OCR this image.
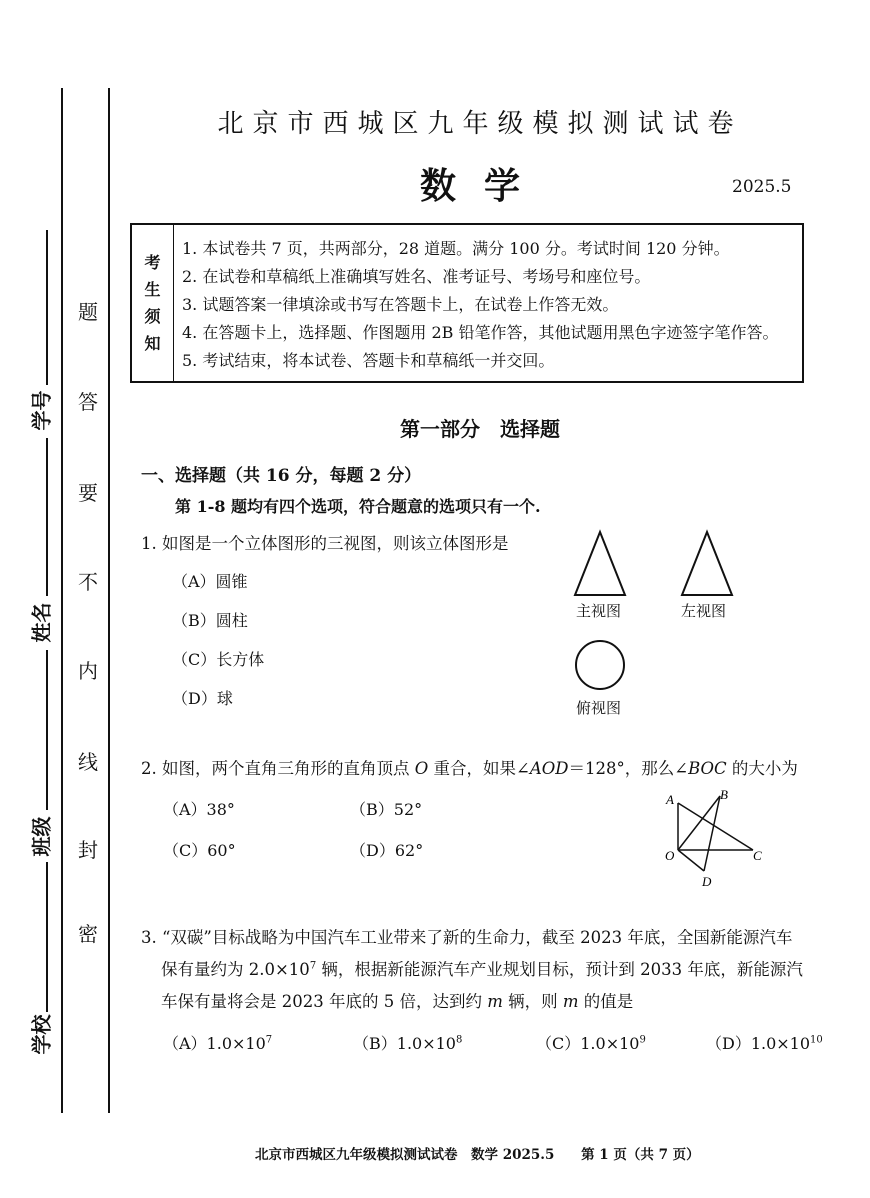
学号
姓名
班级
学校
题
答
要
不
内
线
封
密
北京市西城区九年级模拟测试试卷
数学	2025.5
考
生
须
知
1. 本试卷共 7 页，共两部分，28 道题。满分 100 分。考试时间 120 分钟。
2. 在试卷和草稿纸上准确填写姓名、准考证号、考场号和座位号。
3. 试题答案一律填涂或书写在答题卡上，在试卷上作答无效。
4. 在答题卡上，选择题、作图题用 2B 铅笔作答，其他试题用黑色字迹签字笔作答。
5. 考试结束，将本试卷、答题卡和草稿纸一并交回。
第一部分　选择题
一、选择题（共 16 分，每题 2 分）
第 1-8 题均有四个选项，符合题意的选项只有一个.
1. 如图是一个立体图形的三视图，则该立体图形是
（A）圆锥
（B）圆柱
（C）长方体
（D）球
主视图	左视图
俯视图
2. 如图，两个直角三角形的直角顶点 O 重合，如果∠AOD＝128°，那么∠BOC 的大小为
（A）38°	（B）52°
（C）60°	（D）62°
A	B
O	C
D
3. “双碳”目标战略为中国汽车工业带来了新的生命力，截至 2023 年底，全国新能源汽车
保有量约为 $2.0\times 10^7$ 辆，根据新能源汽车产业规划目标，预计到 2033 年底，新能源汽
车保有量将会是 2023 年底的 5 倍，达到约 m 辆，则 m 的值是
$(A)1.0\times 10^7$	$(B)1.0\times 10^8$	$(C)1.0\times 10^9$	$(D)1.0\times 10^{10}$
北京市西城区九年级模拟测试试卷　数学 2025.5 第 1 页（共 7 页）
